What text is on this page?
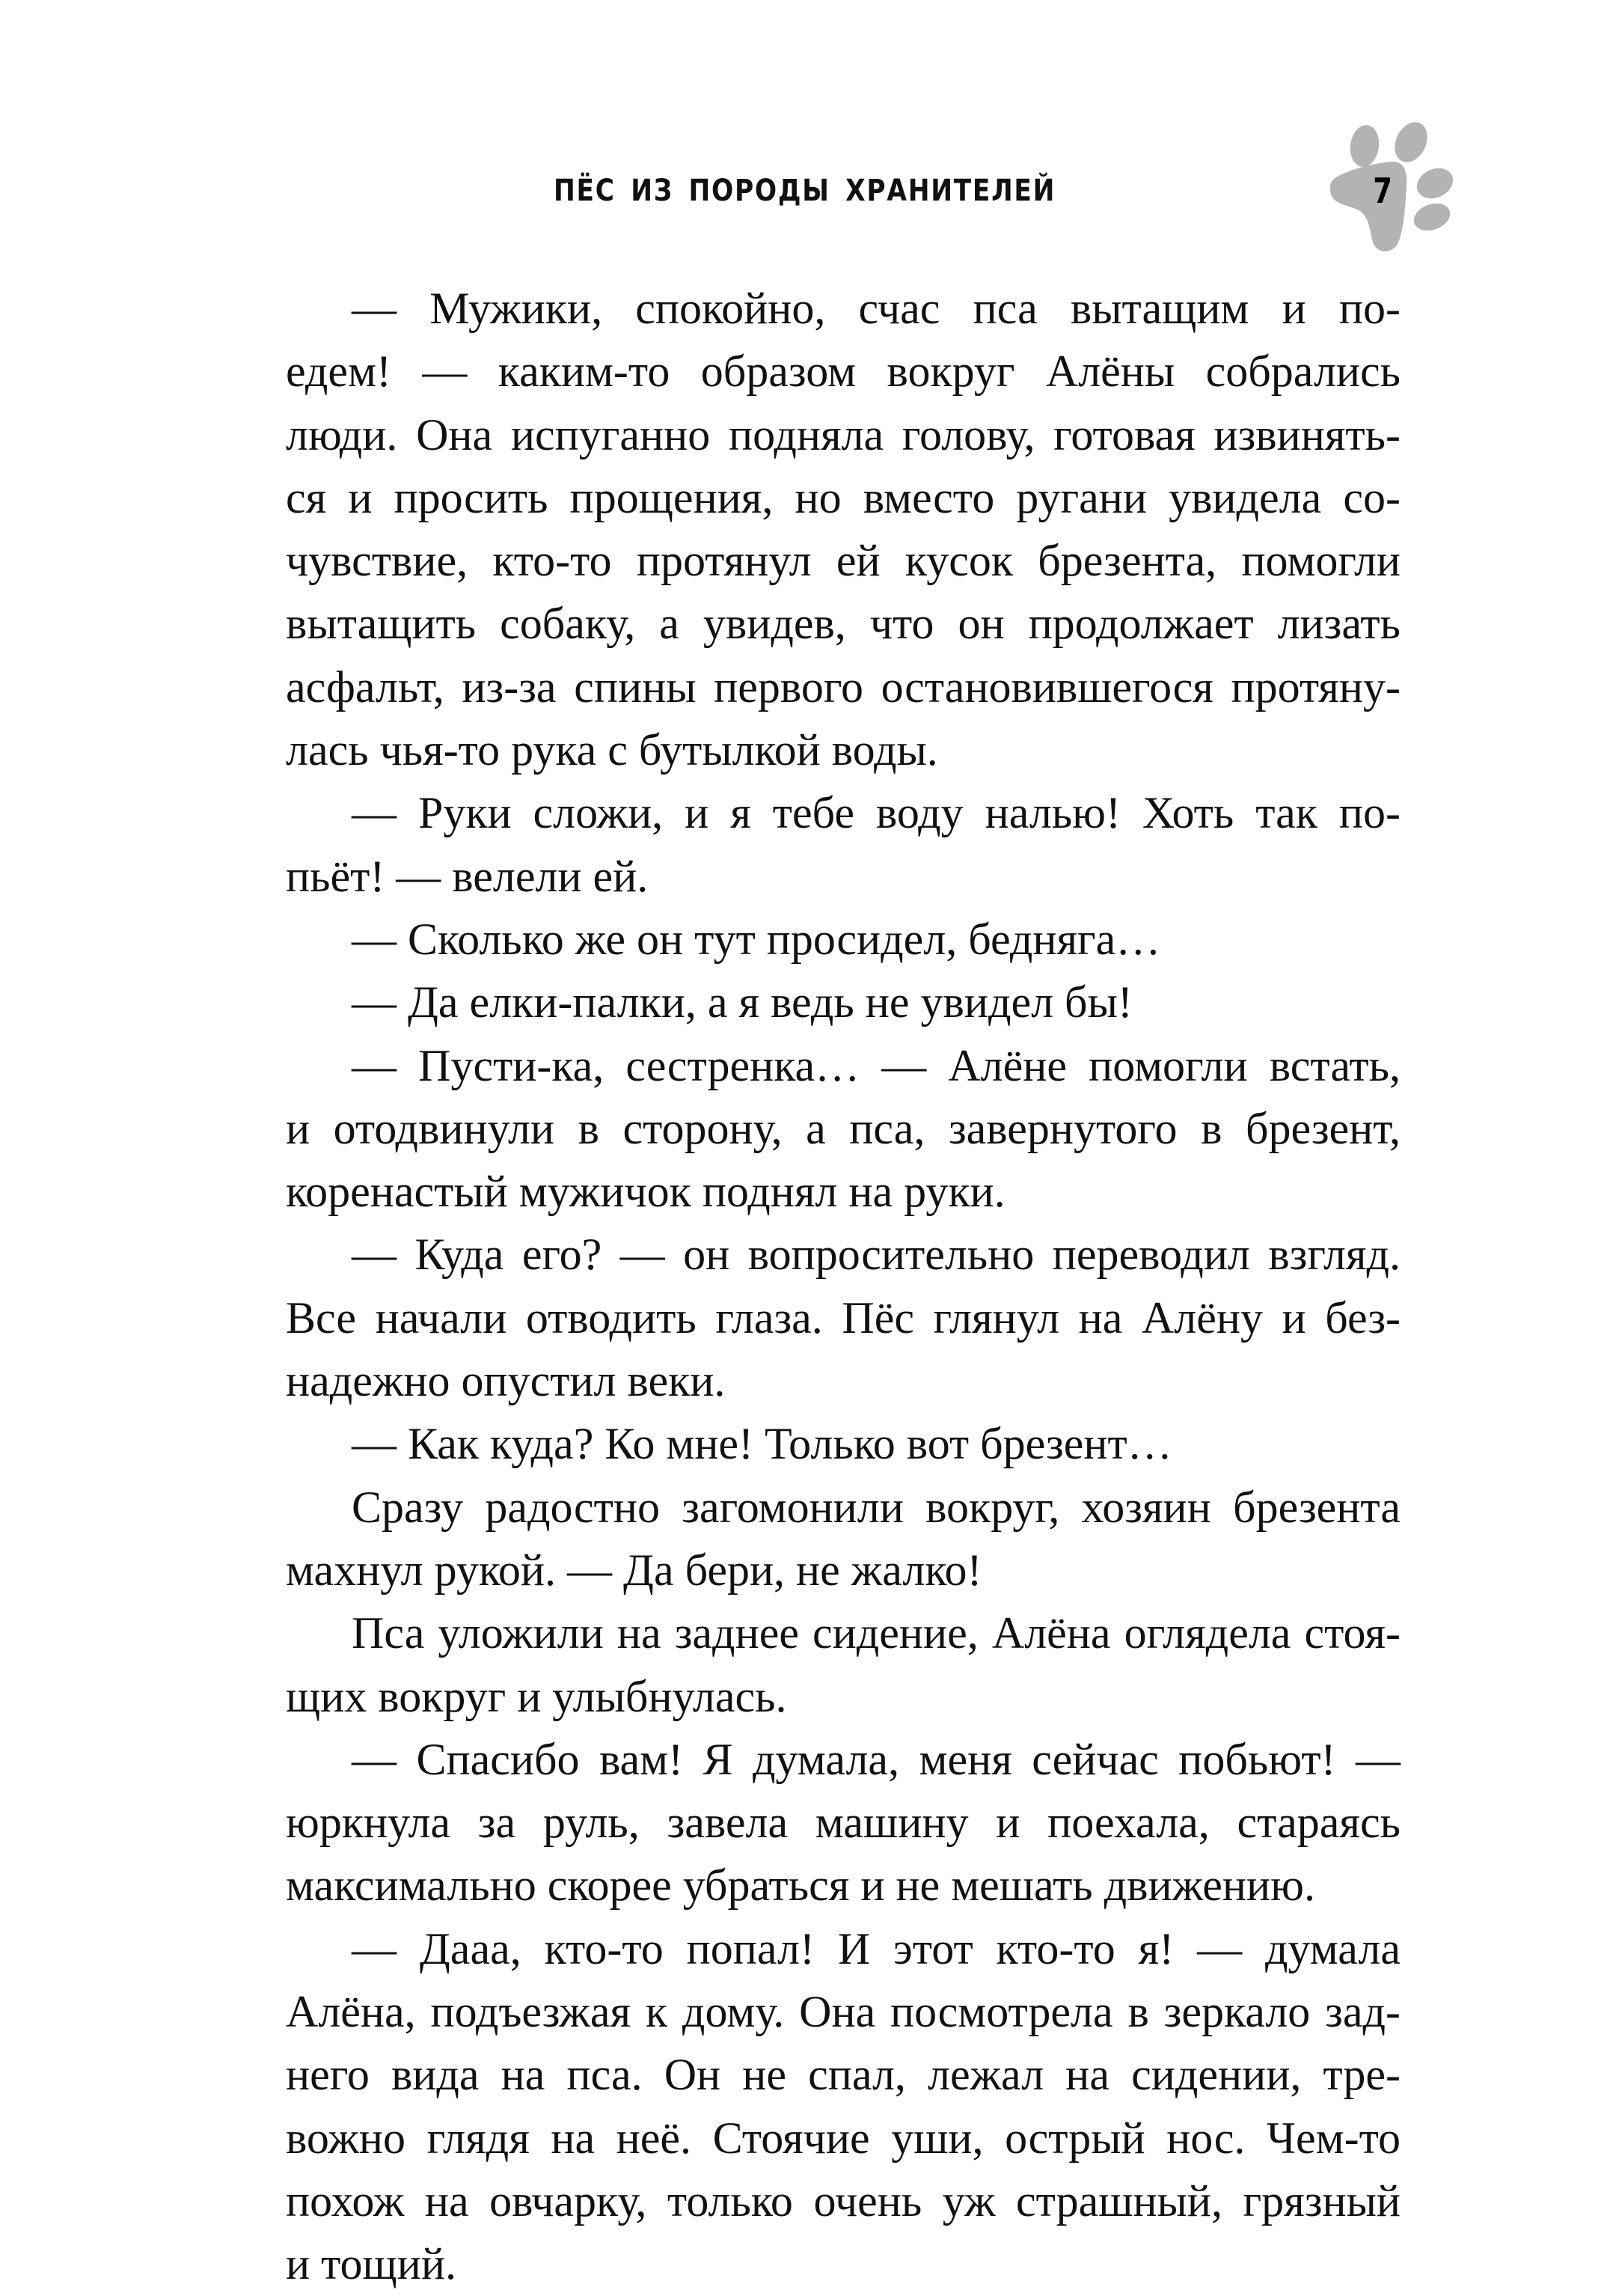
ПЁС ИЗ ПОРОДЫ ХРАНИТЕЛЕЙ	7
— Мужики, спокойно, счас пса вытащим и по-
едем! — каким-то образом вокруг Алёны собрались
люди. Она испуганно подняла голову, готовая извинять-
ся и просить прощения, но вместо ругани увидела со-
чувствие, кто-то протянул ей кусок брезента, помогли
вытащить собаку, а увидев, что он продолжает лизать
асфальт, из-за спины первого остановившегося протяну-
лась чья-то рука с бутылкой воды.
— Руки сложи, и я тебе воду налью! Хоть так по-
пьёт! — велели ей.
— Сколько же он тут просидел, бедняга…
— Да елки-палки, а я ведь не увидел бы!
— Пусти-ка, сестренка… — Алёне помогли встать,
и отодвинули в сторону, а пса, завернутого в брезент,
коренастый мужичок поднял на руки.
— Куда его? — он вопросительно переводил взгляд.
Все начали отводить глаза. Пёс глянул на Алёну и без-
надежно опустил веки.
— Как куда? Ко мне! Только вот брезент…
Сразу радостно загомонили вокруг, хозяин брезента
махнул рукой. — Да бери, не жалко!
Пса уложили на заднее сидение, Алёна оглядела стоя-
щих вокруг и улыбнулась.
— Спасибо вам! Я думала, меня сейчас побьют! —
юркнула за руль, завела машину и поехала, стараясь
максимально скорее убраться и не мешать движению.
— Дааа, кто-то попал! И этот кто-то я! — думала
Алёна, подъезжая к дому. Она посмотрела в зеркало зад-
него вида на пса. Он не спал, лежал на сидении, тре-
вожно глядя на неё. Стоячие уши, острый нос. Чем-то
похож на овчарку, только очень уж страшный, грязный
и тощий.
